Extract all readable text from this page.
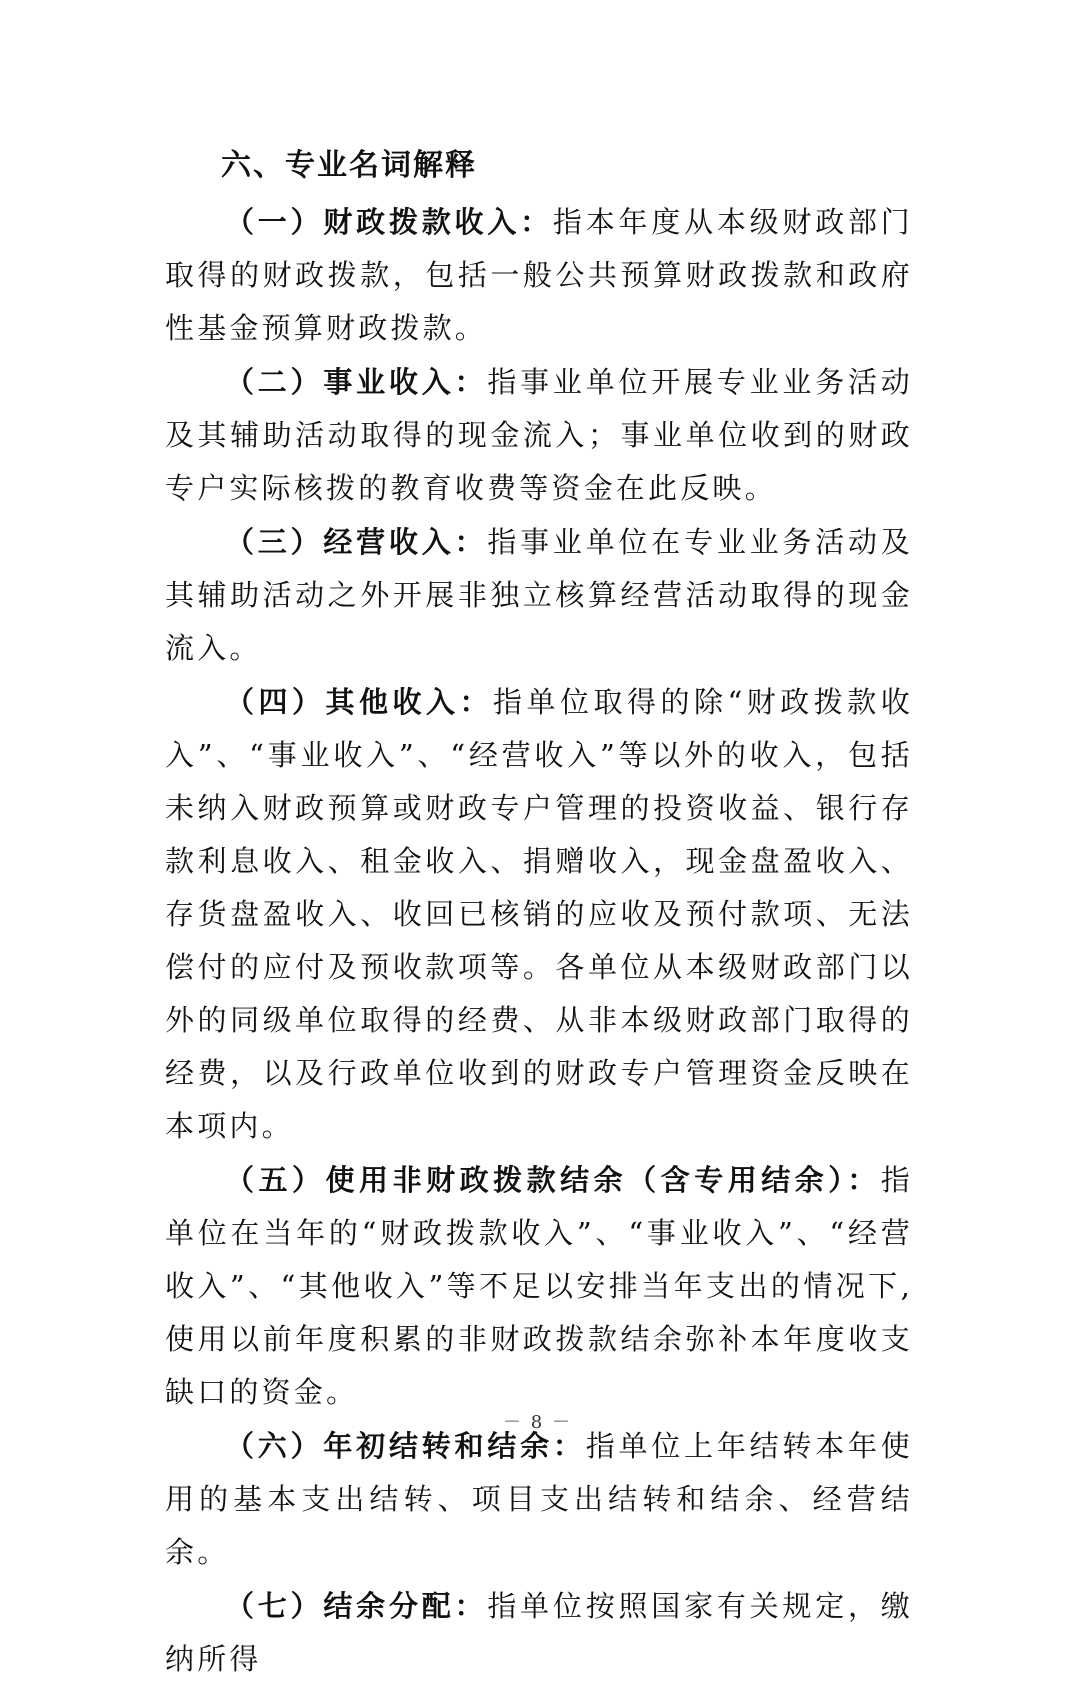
六、专业名词解释

（一）财政拨款收入：指本年度从本级财政部门取得的财政拨款，包括一般公共预算财政拨款和政府性基金预算财政拨款。

（二）事业收入：指事业单位开展专业业务活动及其辅助活动取得的现金流入；事业单位收到的财政专户实际核拨的教育收费等资金在此反映。

（三）经营收入：指事业单位在专业业务活动及其辅助活动之外开展非独立核算经营活动取得的现金流入。

（四）其他收入：指单位取得的除“财政拨款收入”、“事业收入”、“经营收入”等以外的收入，包括未纳入财政预算或财政专户管理的投资收益、银行存款利息收入、租金收入、捐赠收入，现金盘盈收入、存货盘盈收入、收回已核销的应收及预付款项、无法偿付的应付及预收款项等。各单位从本级财政部门以外的同级单位取得的经费、从非本级财政部门取得的经费，以及行政单位收到的财政专户管理资金反映在本项内。

（五）使用非财政拨款结余（含专用结余）：指单位在当年的“财政拨款收入”、“事业收入”、“经营收入”、“其他收入”等不足以安排当年支出的情况下,使用以前年度积累的非财政拨款结余弥补本年度收支缺口的资金。

（六）年初结转和结余：指单位上年结转本年使用的基本支出结转、项目支出结转和结余、经营结余。

（七）结余分配：指单位按照国家有关规定，缴纳所得

－ 8 －
